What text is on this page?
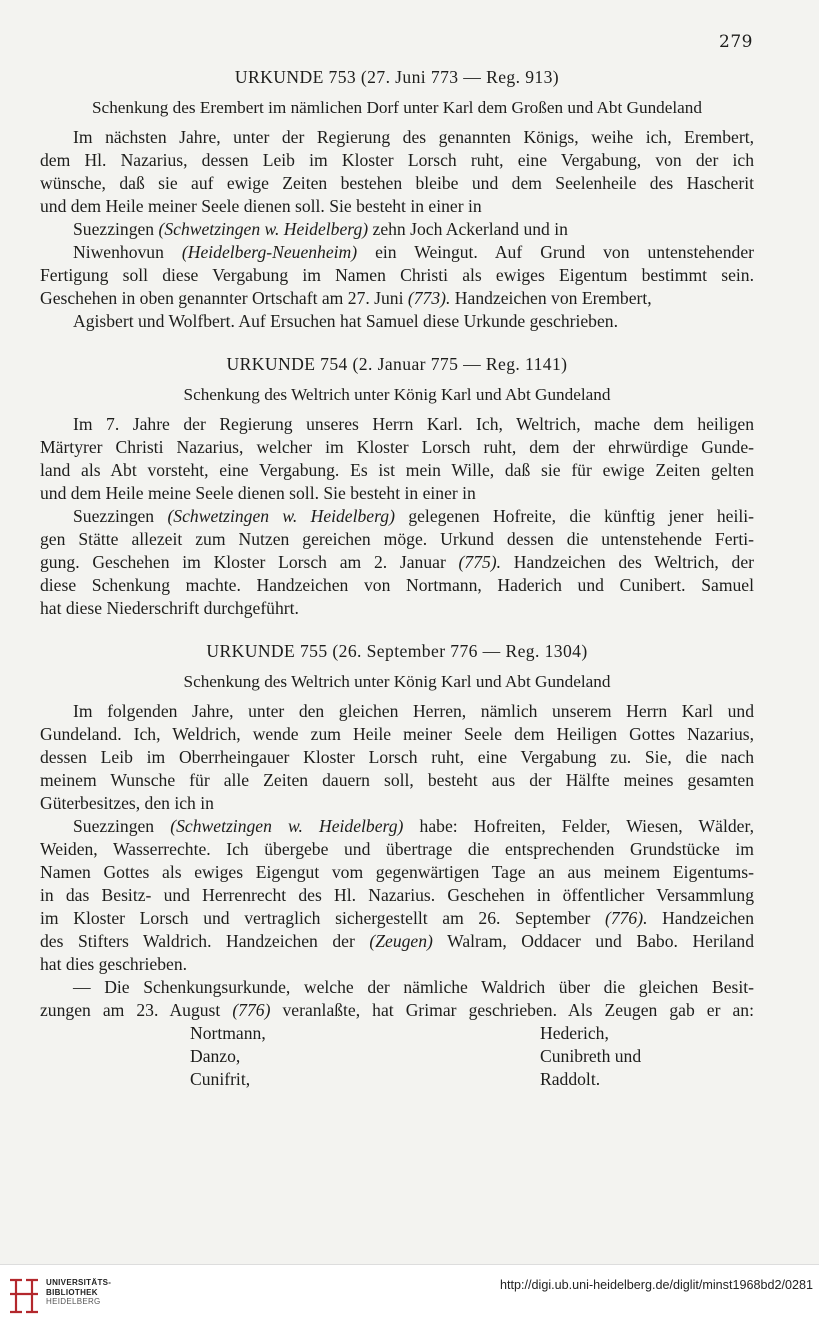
279
URKUNDE 753 (27. Juni 773 — Reg. 913)
Schenkung des Erembert im nämlichen Dorf unter Karl dem Großen und Abt Gundeland
Im nächsten Jahre, unter der Regierung des genannten Königs, weihe ich, Erembert,
dem Hl. Nazarius, dessen Leib im Kloster Lorsch ruht, eine Vergabung, von der ich
wünsche, daß sie auf ewige Zeiten bestehen bleibe und dem Seelenheile des Hascherit
und dem Heile meiner Seele dienen soll. Sie besteht in einer in
Suezzingen (Schwetzingen w. Heidelberg) zehn Joch Ackerland und in
Niwenhovun (Heidelberg-Neuenheim) ein Weingut. Auf Grund von untenstehender
Fertigung soll diese Vergabung im Namen Christi als ewiges Eigentum bestimmt sein.
Geschehen in oben genannter Ortschaft am 27. Juni (773). Handzeichen von Erembert,
Agisbert und Wolfbert. Auf Ersuchen hat Samuel diese Urkunde geschrieben.
URKUNDE 754 (2. Januar 775 — Reg. 1141)
Schenkung des Weltrich unter König Karl und Abt Gundeland
Im 7. Jahre der Regierung unseres Herrn Karl. Ich, Weltrich, mache dem heiligen
Märtyrer Christi Nazarius, welcher im Kloster Lorsch ruht, dem der ehrwürdige Gunde-
land als Abt vorsteht, eine Vergabung. Es ist mein Wille, daß sie für ewige Zeiten gelten
und dem Heile meine Seele dienen soll. Sie besteht in einer in
Suezzingen (Schwetzingen w. Heidelberg) gelegenen Hofreite, die künftig jener heili-
gen Stätte allezeit zum Nutzen gereichen möge. Urkund dessen die untenstehende Ferti-
gung. Geschehen im Kloster Lorsch am 2. Januar (775). Handzeichen des Weltrich, der
diese Schenkung machte. Handzeichen von Nortmann, Haderich und Cunibert. Samuel
hat diese Niederschrift durchgeführt.
URKUNDE 755 (26. September 776 — Reg. 1304)
Schenkung des Weltrich unter König Karl und Abt Gundeland
Im folgenden Jahre, unter den gleichen Herren, nämlich unserem Herrn Karl und
Gundeland. Ich, Weldrich, wende zum Heile meiner Seele dem Heiligen Gottes Nazarius,
dessen Leib im Oberrheingauer Kloster Lorsch ruht, eine Vergabung zu. Sie, die nach
meinem Wunsche für alle Zeiten dauern soll, besteht aus der Hälfte meines gesamten
Güterbesitzes, den ich in
Suezzingen (Schwetzingen w. Heidelberg) habe: Hofreiten, Felder, Wiesen, Wälder,
Weiden, Wasserrechte. Ich übergebe und übertrage die entsprechenden Grundstücke im
Namen Gottes als ewiges Eigengut vom gegenwärtigen Tage an aus meinem Eigentums-
in das Besitz- und Herrenrecht des Hl. Nazarius. Geschehen in öffentlicher Versammlung
im Kloster Lorsch und vertraglich sichergestellt am 26. September (776). Handzeichen
des Stifters Waldrich. Handzeichen der (Zeugen) Walram, Oddacer und Babo. Heriland
hat dies geschrieben.
— Die Schenkungsurkunde, welche der nämliche Waldrich über die gleichen Besit-
zungen am 23. August (776) veranlaßte, hat Grimar geschrieben. Als Zeugen gab er an:
Nortmann,	Hederich,
Danzo,	Cunibreth und
Cunifrit,	Raddolt.
UNIVERSITÄTS-
BIBLIOTHEK
HEIDELBERG
http://digi.ub.uni-heidelberg.de/diglit/minst1968bd2/0281
